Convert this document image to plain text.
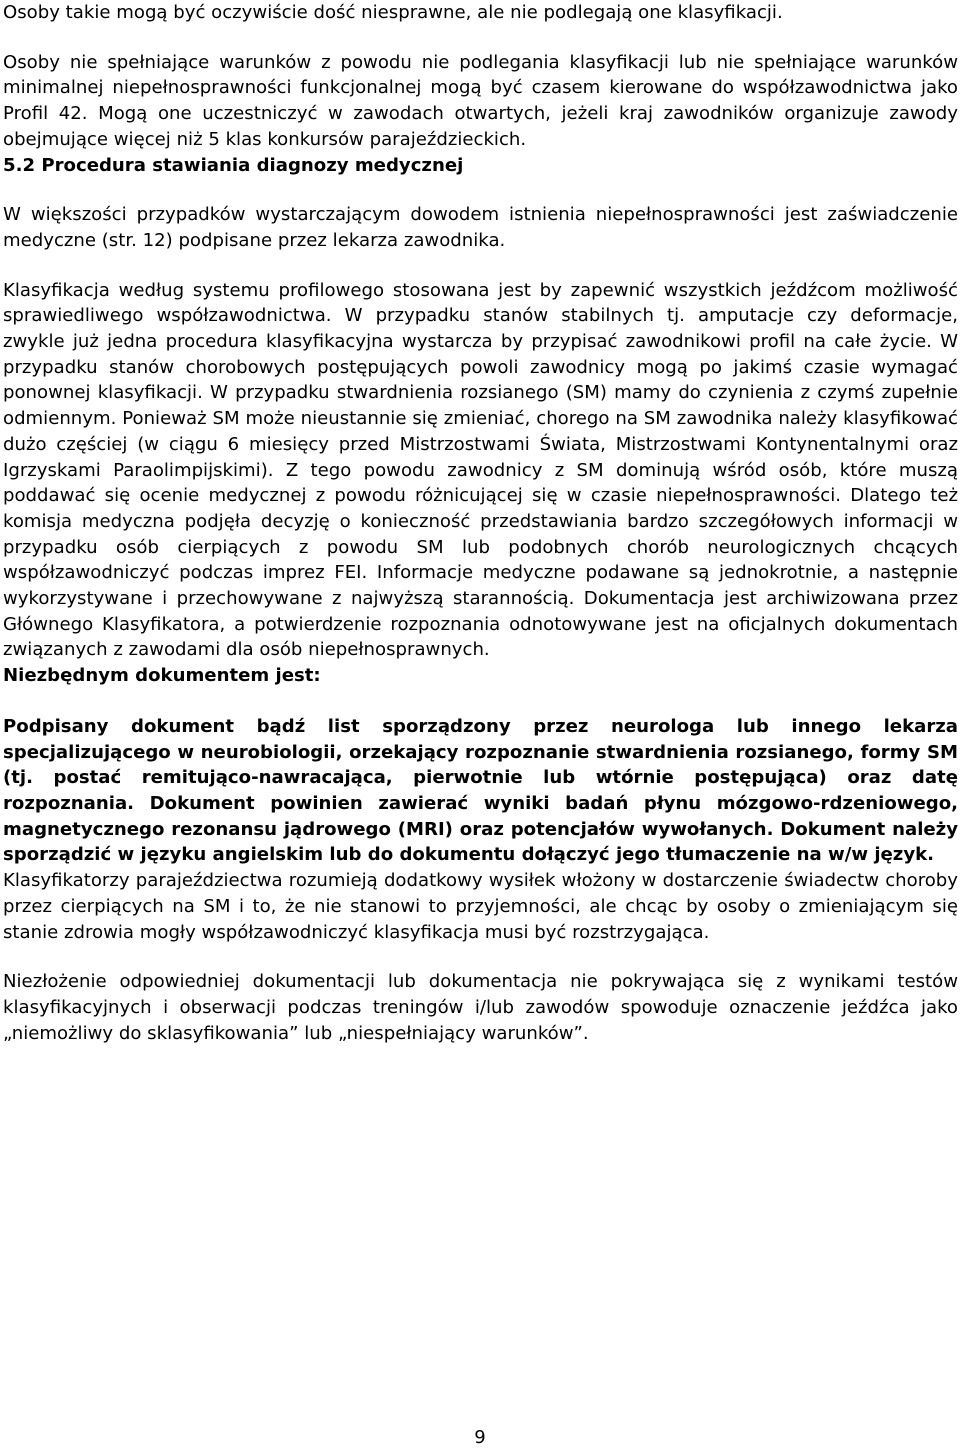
Osoby takie mogą być oczywiście dość niesprawne, ale nie podlegają one klasyfikacji.

Osoby nie spełniające warunków z powodu nie podlegania klasyfikacji lub nie spełniające warunków minimalnej niepełnosprawności funkcjonalnej mogą być czasem kierowane do współzawodnictwa jako Profil 42. Mogą one uczestniczyć w zawodach otwartych, jeżeli kraj zawodników organizuje zawody obejmujące więcej niż 5 klas konkursów parajeździeckich.

5.2 Procedura stawiania diagnozy medycznej

W większości przypadków wystarczającym dowodem istnienia niepełnosprawności jest zaświadczenie medyczne (str. 12) podpisane przez lekarza zawodnika.

Klasyfikacja według systemu profilowego stosowana jest by zapewnić wszystkich jeźdźcom możliwość sprawiedliwego współzawodnictwa. W przypadku stanów stabilnych tj. amputacje czy deformacje, zwykle już jedna procedura klasyfikacyjna wystarcza by przypisać zawodnikowi profil na całe życie. W przypadku stanów chorobowych postępujących powoli zawodnicy mogą po jakimś czasie wymagać ponownej klasyfikacji. W przypadku stwardnienia rozsianego (SM) mamy do czynienia z czymś zupełnie odmiennym. Ponieważ SM może nieustannie się zmieniać, chorego na SM zawodnika należy klasyfikować dużo częściej (w ciągu 6 miesięcy przed Mistrzostwami Świata, Mistrzostwami Kontynentalnymi oraz Igrzyskami Paraolimpijskimi). Z tego powodu zawodnicy z SM dominują wśród osób, które muszą poddawać się ocenie medycznej z powodu różnicującej się w czasie niepełnosprawności. Dlatego też komisja medyczna podjęła decyzję o konieczność przedstawiania bardzo szczegółowych informacji w przypadku osób cierpiących z powodu SM lub podobnych chorób neurologicznych chcących współzawodniczyć podczas imprez FEI. Informacje medyczne podawane są jednokrotnie, a następnie wykorzystywane i przechowywane z najwyższą starannością. Dokumentacja jest archiwizowana przez Głównego Klasyfikatora, a potwierdzenie rozpoznania odnotowywane jest na oficjalnych dokumentach związanych z zawodami dla osób niepełnosprawnych.

Niezbędnym dokumentem jest:

Podpisany dokument bądź list sporządzony przez neurologa lub innego lekarza specjalizującego w neurobiologii, orzekający rozpoznanie stwardnienia rozsianego, formy SM (tj. postać remitująco-nawracająca, pierwotnie lub wtórnie postępująca) oraz datę rozpoznania. Dokument powinien zawierać wyniki badań płynu mózgowo-rdzeniowego, magnetycznego rezonansu jądrowego (MRI) oraz potencjałów wywołanych. Dokument należy sporządzić w języku angielskim lub do dokumentu dołączyć jego tłumaczenie na w/w język.

Klasyfikatorzy parajeździectwa rozumieją dodatkowy wysiłek włożony w dostarczenie świadectw choroby przez cierpiących na SM i to, że nie stanowi to przyjemności, ale chcąc by osoby o zmieniającym się stanie zdrowia mogły współzawodniczyć klasyfikacja musi być rozstrzygająca.

Niezłożenie odpowiedniej dokumentacji lub dokumentacja nie pokrywająca się z wynikami testów klasyfikacyjnych i obserwacji podczas treningów i/lub zawodów spowoduje oznaczenie jeźdźca jako „niemożliwy do sklasyfikowania” lub „niespełniający warunków”.

9
